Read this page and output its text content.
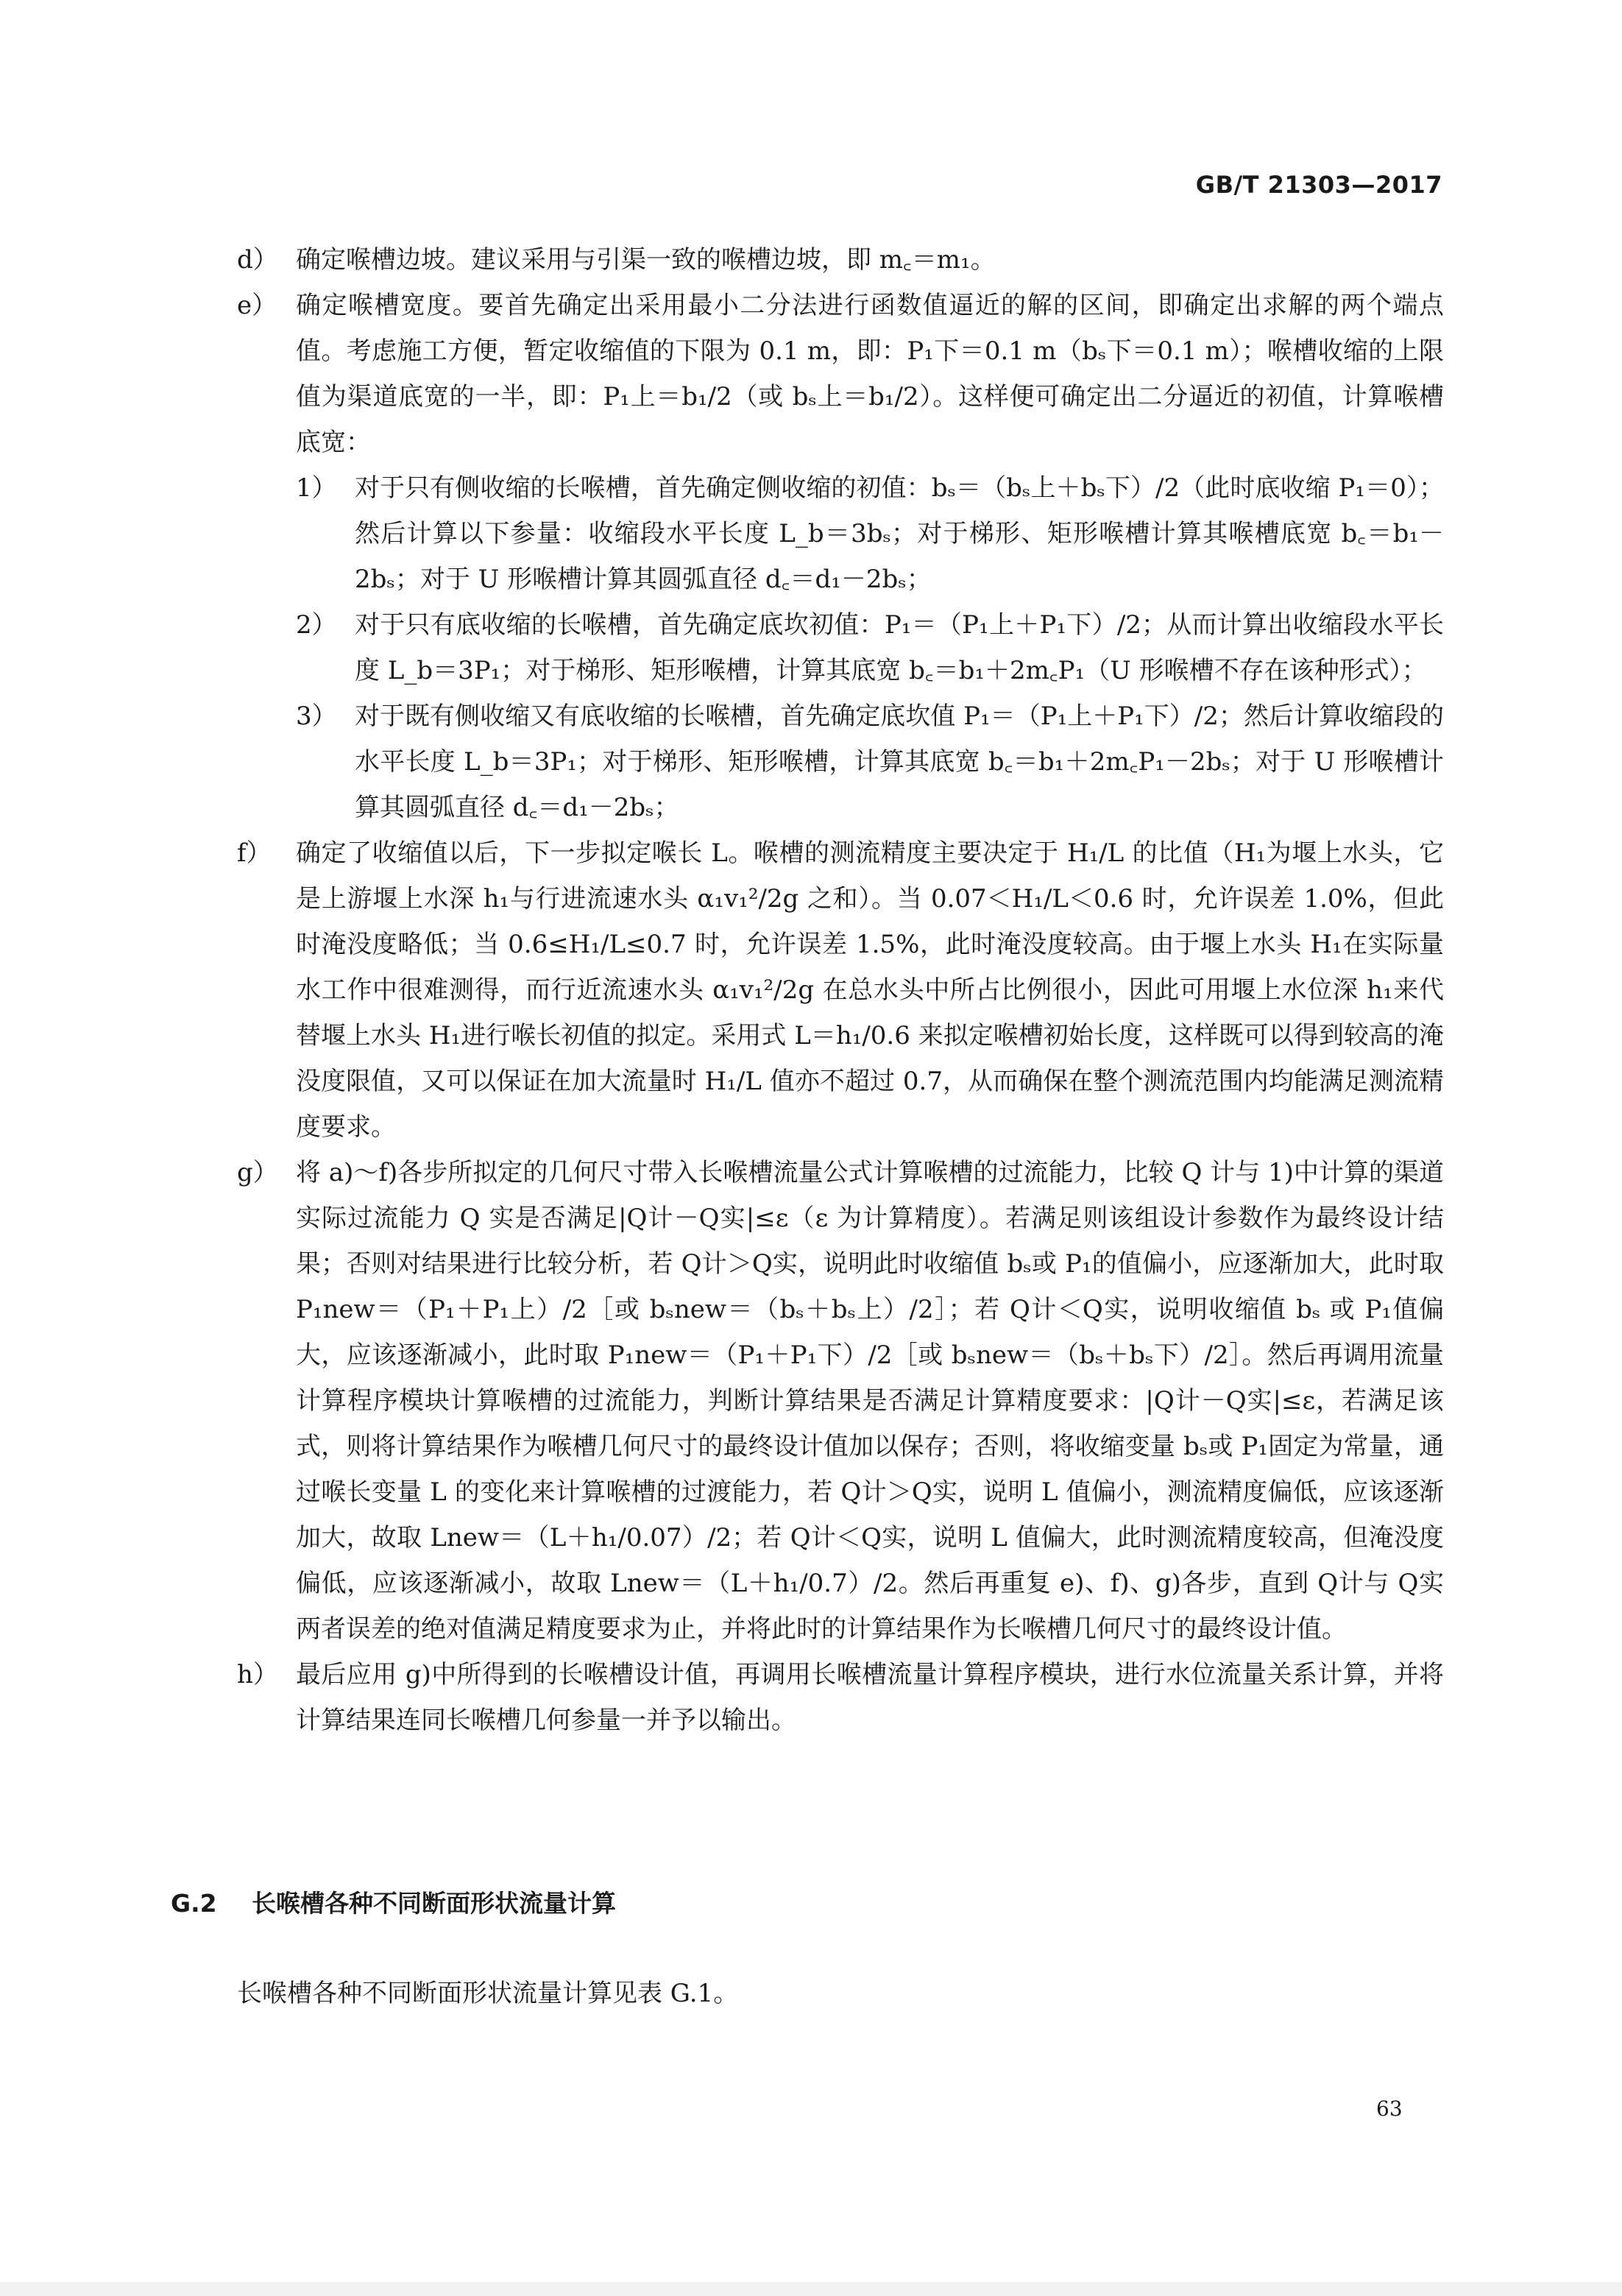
GB/T 21303—2017
d） 确定喉槽边坡。建议采用与引渠一致的喉槽边坡，即 m꜀＝m₁。
e） 确定喉槽宽度。要首先确定出采用最小二分法进行函数值逼近的解的区间，即确定出求解的两个端点值。考虑施工方便，暂定收缩值的下限为 0.1 m，即：P₁下＝0.1 m（bₛ下＝0.1 m）；喉槽收缩的上限值为渠道底宽的一半，即：P₁上＝b₁/2（或 bₛ上＝b₁/2）。这样便可确定出二分逼近的初值，计算喉槽底宽：
1） 对于只有侧收缩的长喉槽，首先确定侧收缩的初值：bₛ＝（bₛ上＋bₛ下）/2（此时底收缩 P₁＝0）；然后计算以下参量：收缩段水平长度 L_b＝3bₛ；对于梯形、矩形喉槽计算其喉槽底宽 b꜀＝b₁－2bₛ；对于 U 形喉槽计算其圆弧直径 d꜀＝d₁－2bₛ；
2） 对于只有底收缩的长喉槽，首先确定底坎初值：P₁＝（P₁上＋P₁下）/2；从而计算出收缩段水平长度 L_b＝3P₁；对于梯形、矩形喉槽，计算其底宽 b꜀＝b₁＋2m꜀P₁（U 形喉槽不存在该种形式）；
3） 对于既有侧收缩又有底收缩的长喉槽，首先确定底坎值 P₁＝（P₁上＋P₁下）/2；然后计算收缩段的水平长度 L_b＝3P₁；对于梯形、矩形喉槽，计算其底宽 b꜀＝b₁＋2m꜀P₁－2bₛ；对于 U 形喉槽计算其圆弧直径 d꜀＝d₁－2bₛ；
f） 确定了收缩值以后，下一步拟定喉长 L。喉槽的测流精度主要决定于 H₁/L 的比值（H₁为堰上水头，它是上游堰上水深 h₁与行进流速水头 α₁v₁²/2g 之和）。当 0.07＜H₁/L＜0.6 时，允许误差 1.0%，但此时淹没度略低；当 0.6≤H₁/L≤0.7 时，允许误差 1.5%，此时淹没度较高。由于堰上水头 H₁在实际量水工作中很难测得，而行近流速水头 α₁v₁²/2g 在总水头中所占比例很小，因此可用堰上水位深 h₁来代替堰上水头 H₁进行喉长初值的拟定。采用式 L＝h₁/0.6 来拟定喉槽初始长度，这样既可以得到较高的淹没度限值，又可以保证在加大流量时 H₁/L 值亦不超过 0.7，从而确保在整个测流范围内均能满足测流精度要求。
g） 将 a)～f)各步所拟定的几何尺寸带入长喉槽流量公式计算喉槽的过流能力，比较 Q 计与 1)中计算的渠道实际过流能力 Q 实是否满足|Q计－Q实|≤ε（ε 为计算精度）。若满足则该组设计参数作为最终设计结果；否则对结果进行比较分析，若 Q计＞Q实，说明此时收缩值 bₛ或 P₁的值偏小，应逐渐加大，此时取 P₁new＝（P₁＋P₁上）/2［或 bₛnew＝（bₛ＋bₛ上）/2］；若 Q计＜Q实，说明收缩值 bₛ 或 P₁值偏大，应该逐渐减小，此时取 P₁new＝（P₁＋P₁下）/2［或 bₛnew＝（bₛ＋bₛ下）/2］。然后再调用流量计算程序模块计算喉槽的过流能力，判断计算结果是否满足计算精度要求：|Q计－Q实|≤ε，若满足该式，则将计算结果作为喉槽几何尺寸的最终设计值加以保存；否则，将收缩变量 bₛ或 P₁固定为常量，通过喉长变量 L 的变化来计算喉槽的过渡能力，若 Q计＞Q实，说明 L 值偏小，测流精度偏低，应该逐渐加大，故取 Lnew＝（L＋h₁/0.07）/2；若 Q计＜Q实，说明 L 值偏大，此时测流精度较高，但淹没度偏低，应该逐渐减小，故取 Lnew＝（L＋h₁/0.7）/2。然后再重复 e)、f)、g)各步，直到 Q计与 Q实两者误差的绝对值满足精度要求为止，并将此时的计算结果作为长喉槽几何尺寸的最终设计值。
h） 最后应用 g)中所得到的长喉槽设计值，再调用长喉槽流量计算程序模块，进行水位流量关系计算，并将计算结果连同长喉槽几何参量一并予以输出。
G.2 长喉槽各种不同断面形状流量计算
长喉槽各种不同断面形状流量计算见表 G.1。
63
